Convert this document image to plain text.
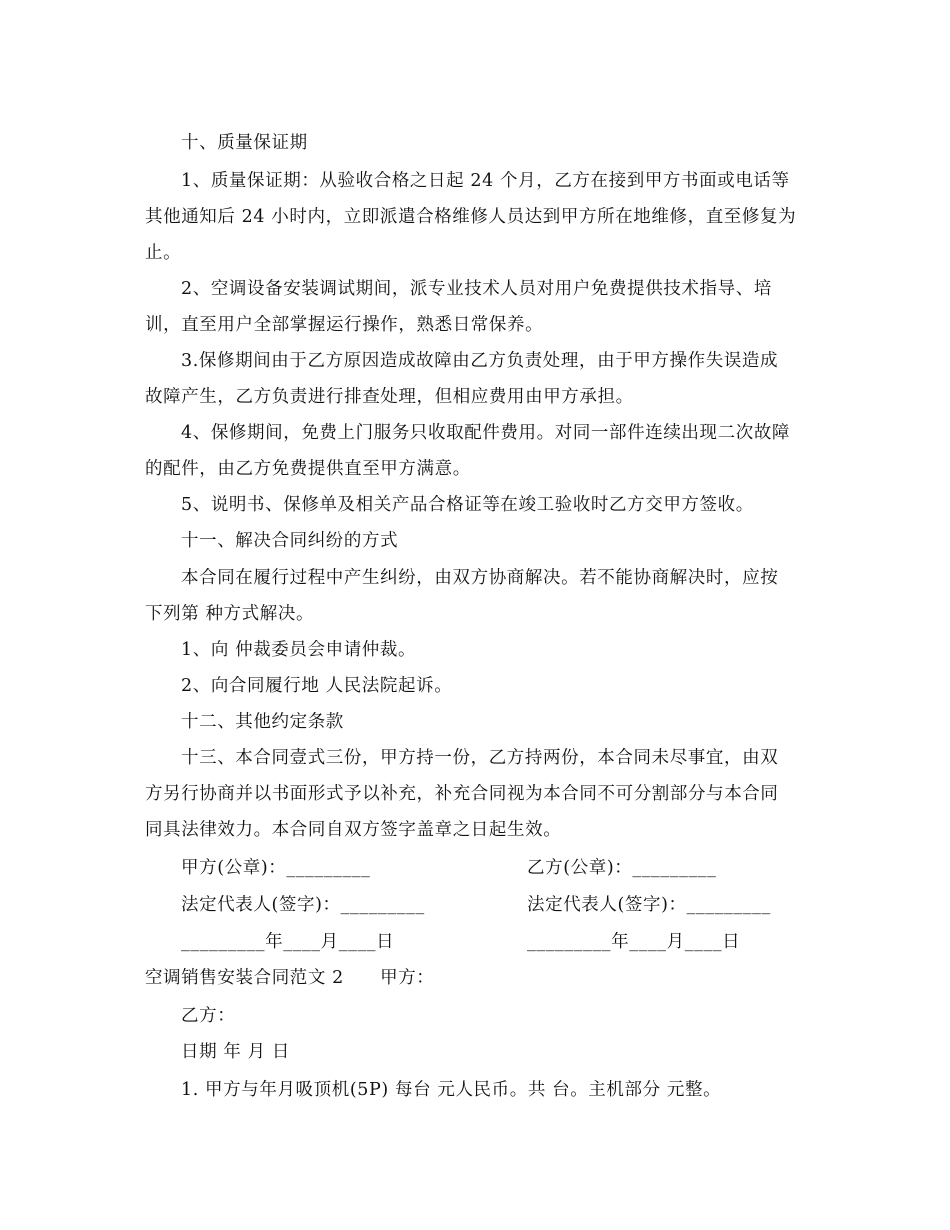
十、质量保证期
1、质量保证期：从验收合格之日起 24 个月，乙方在接到甲方书面或电话等
其他通知后 24 小时内，立即派遣合格维修人员达到甲方所在地维修，直至修复为
止。
2、空调设备安装调试期间，派专业技术人员对用户免费提供技术指导、培
训，直至用户全部掌握运行操作，熟悉日常保养。
3.保修期间由于乙方原因造成故障由乙方负责处理，由于甲方操作失误造成
故障产生，乙方负责进行排查处理，但相应费用由甲方承担。
4、保修期间，免费上门服务只收取配件费用。对同一部件连续出现二次故障
的配件，由乙方免费提供直至甲方满意。
5、说明书、保修单及相关产品合格证等在竣工验收时乙方交甲方签收。
十一、解决合同纠纷的方式
本合同在履行过程中产生纠纷，由双方协商解决。若不能协商解决时，应按
下列第 种方式解决。
1、向 仲裁委员会申请仲裁。
2、向合同履行地 人民法院起诉。
十二、其他约定条款
十三、本合同壹式三份，甲方持一份，乙方持两份，本合同未尽事宜，由双
方另行协商并以书面形式予以补充，补充合同视为本合同不可分割部分与本合同
同具法律效力。本合同自双方签字盖章之日起生效。
甲方(公章)：_________	乙方(公章)：_________
法定代表人(签字)：_________	法定代表人(签字)：_________
_________年____月____日	_________年____月____日
空调销售安装合同范文 2　　甲方：
乙方：
日期 年 月 日
1. 甲方与年月吸顶机(5P) 每台 元人民币。共 台。主机部分 元整。
